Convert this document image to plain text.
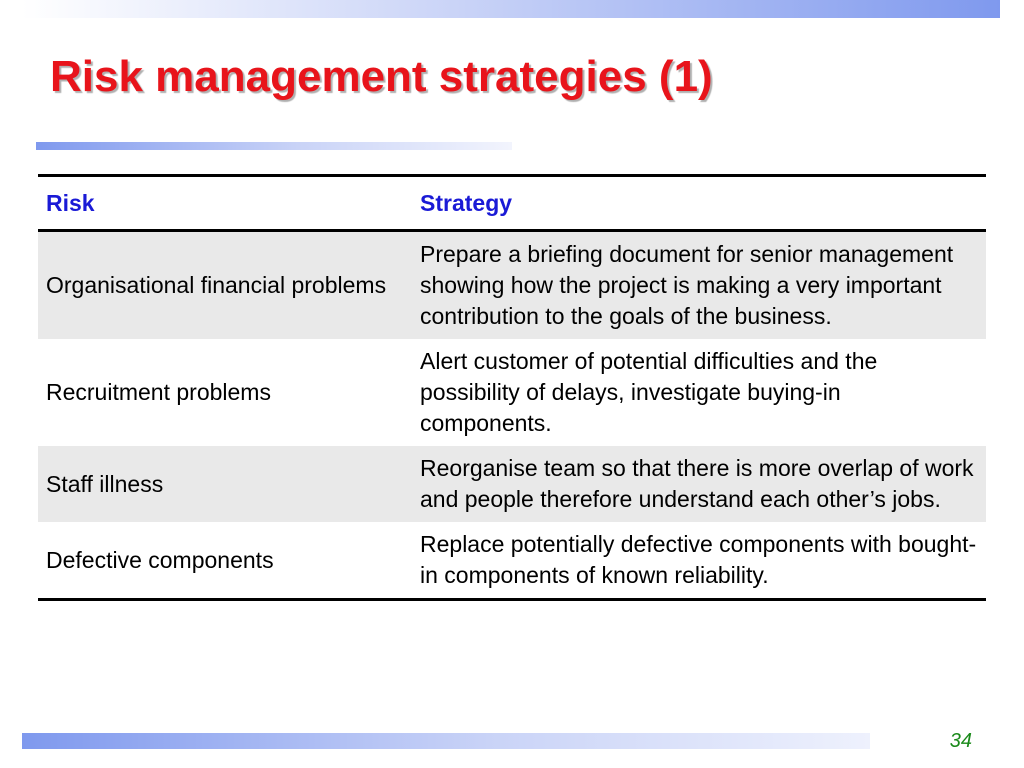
Risk management strategies (1)
Risk	Strategy
Organisational financial problems	Prepare a briefing document for senior management showing how the project is making a very important contribution to the goals of the business.
Recruitment problems	Alert customer of potential difficulties and the possibility of delays, investigate buying-in components.
Staff illness	Reorganise team so that there is more overlap of work and people therefore understand each other’s jobs.
Defective components	Replace potentially defective components with bought-in components of known reliability.
34
